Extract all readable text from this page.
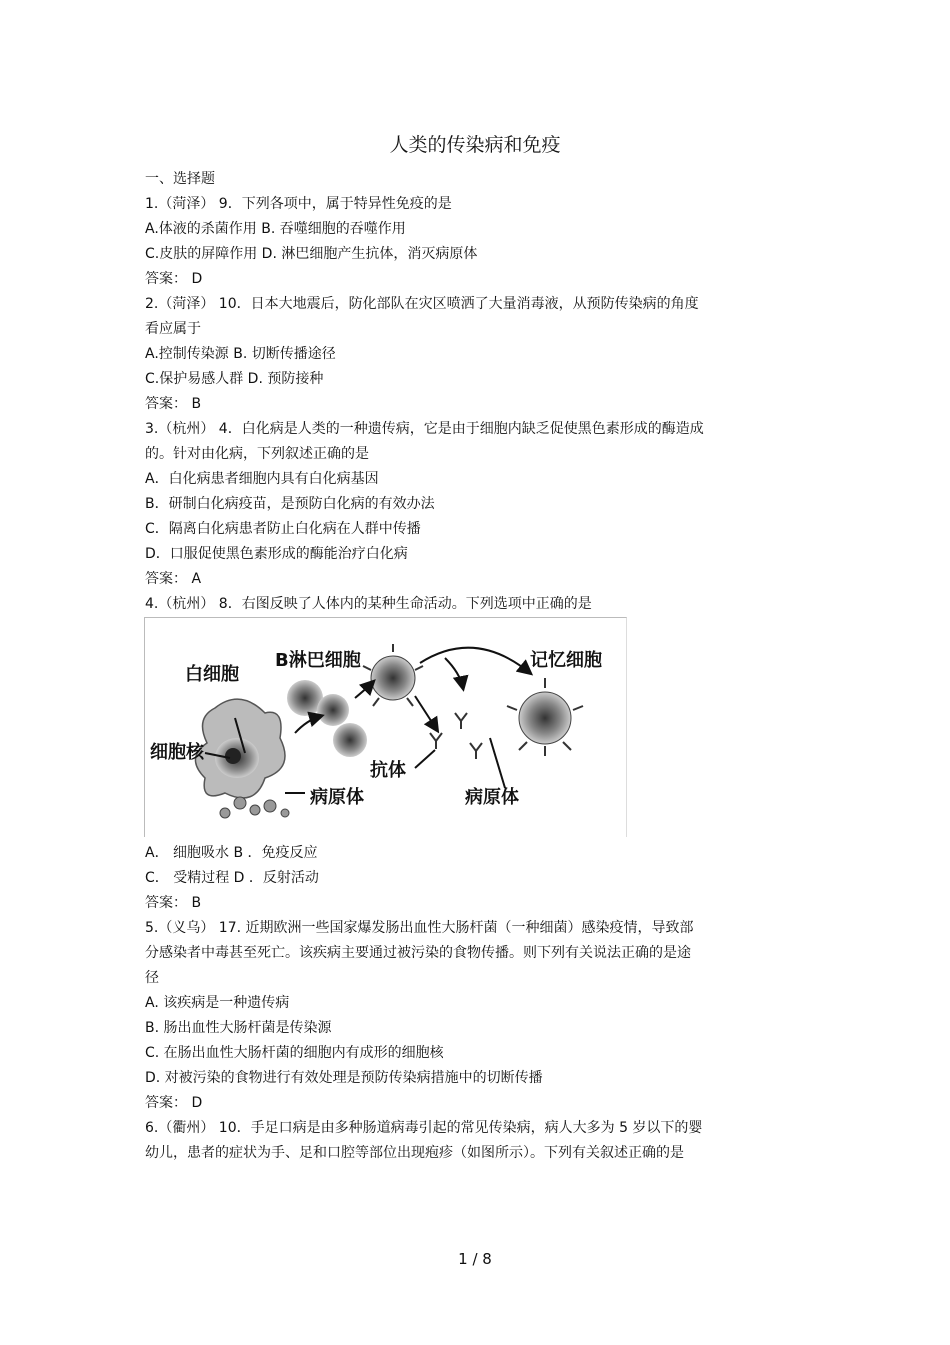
人类的传染病和免疫
一、选择题
1.（菏泽） 9．下列各项中，属于特异性免疫的是
A.体液的杀菌作用 B. 吞噬细胞的吞噬作用
C.皮肤的屏障作用 D. 淋巴细胞产生抗体，消灭病原体
答案： D
2.（菏泽） 10．日本大地震后，防化部队在灾区喷洒了大量消毒液，从预防传染病的角度
看应属于
A.控制传染源 B. 切断传播途径
C.保护易感人群 D. 预防接种
答案： B
3.（杭州） 4．白化病是人类的一种遗传病，它是由于细胞内缺乏促使黑色素形成的酶造成
的。针对由化病，下列叙述正确的是
A．白化病患者细胞内具有白化病基因
B．研制白化病疫苗，是预防白化病的有效办法
C．隔离白化病患者防止白化病在人群中传播
D．口服促使黑色素形成的酶能治疗白化病
答案： A
4.（杭州） 8．右图反映了人体内的某种生命活动。下列选项中正确的是
白细胞
B淋巴细胞	记忆细胞
细胞核
抗体
病原体	病原体
A． 细胞吸水 B ．免疫反应
C． 受精过程 D ．反射活动
答案： B
5.（义乌） 17. 近期欧洲一些国家爆发肠出血性大肠杆菌（一种细菌）感染疫情，导致部
分感染者中毒甚至死亡。该疾病主要通过被污染的食物传播。则下列有关说法正确的是途
径
A. 该疾病是一种遗传病
B. 肠出血性大肠杆菌是传染源
C. 在肠出血性大肠杆菌的细胞内有成形的细胞核
D. 对被污染的食物进行有效处理是预防传染病措施中的切断传播
答案： D
6.（衢州） 10．手足口病是由多种肠道病毒引起的常见传染病，病人大多为 5 岁以下的婴
幼儿，患者的症状为手、足和口腔等部位出现疱疹（如图所示）。下列有关叙述正确的是
1 / 8
